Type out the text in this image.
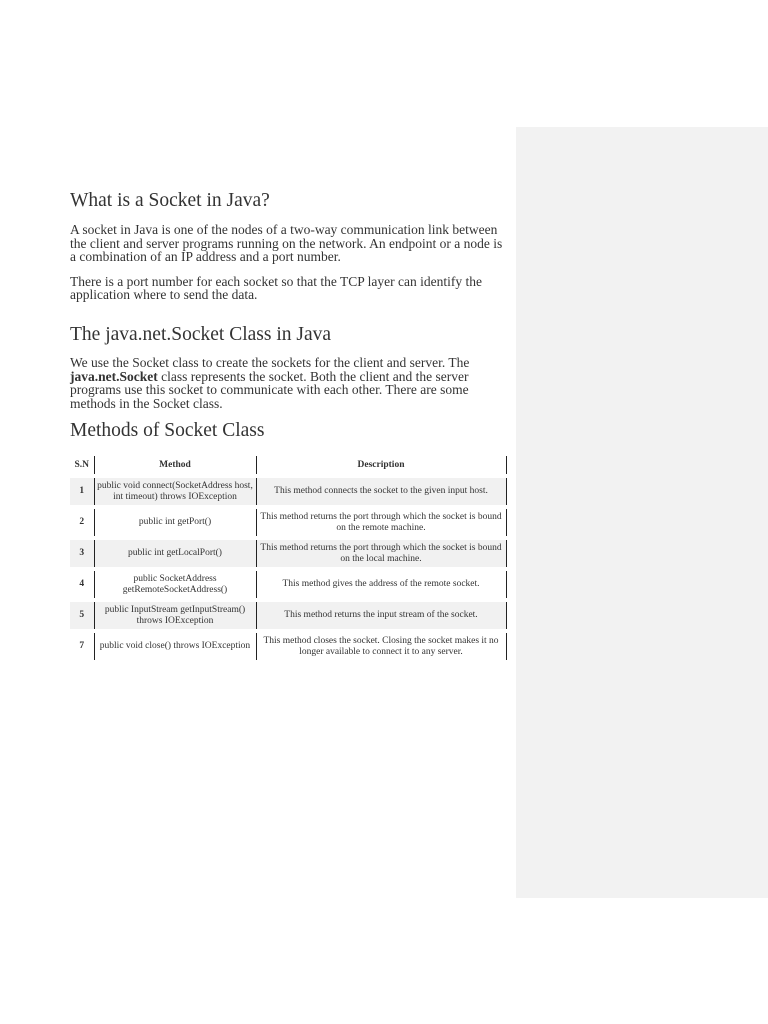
What is a Socket in Java?

A socket in Java is one of the nodes of a two-way communication link between the client and server programs running on the network. An endpoint or a node is a combination of an IP address and a port number.

There is a port number for each socket so that the TCP layer can identify the application where to send the data.

The java.net.Socket Class in Java

We use the Socket class to create the sockets for the client and server. The java.net.Socket class represents the socket. Both the client and the server programs use this socket to communicate with each other. There are some methods in the Socket class.

Methods of Socket Class
S.N	Method	Description
1	public void connect(SocketAddress host, int timeout) throws IOException	This method connects the socket to the given input host.
2	public int getPort()	This method returns the port through which the socket is bound on the remote machine.
3	public int getLocalPort()	This method returns the port through which the socket is bound on the local machine.
4	public SocketAddress getRemoteSocketAddress()	This method gives the address of the remote socket.
5	public InputStream getInputStream() throws IOException	This method returns the input stream of the socket.
7	public void close() throws IOException	This method closes the socket. Closing the socket makes it no longer available to connect it to any server.
